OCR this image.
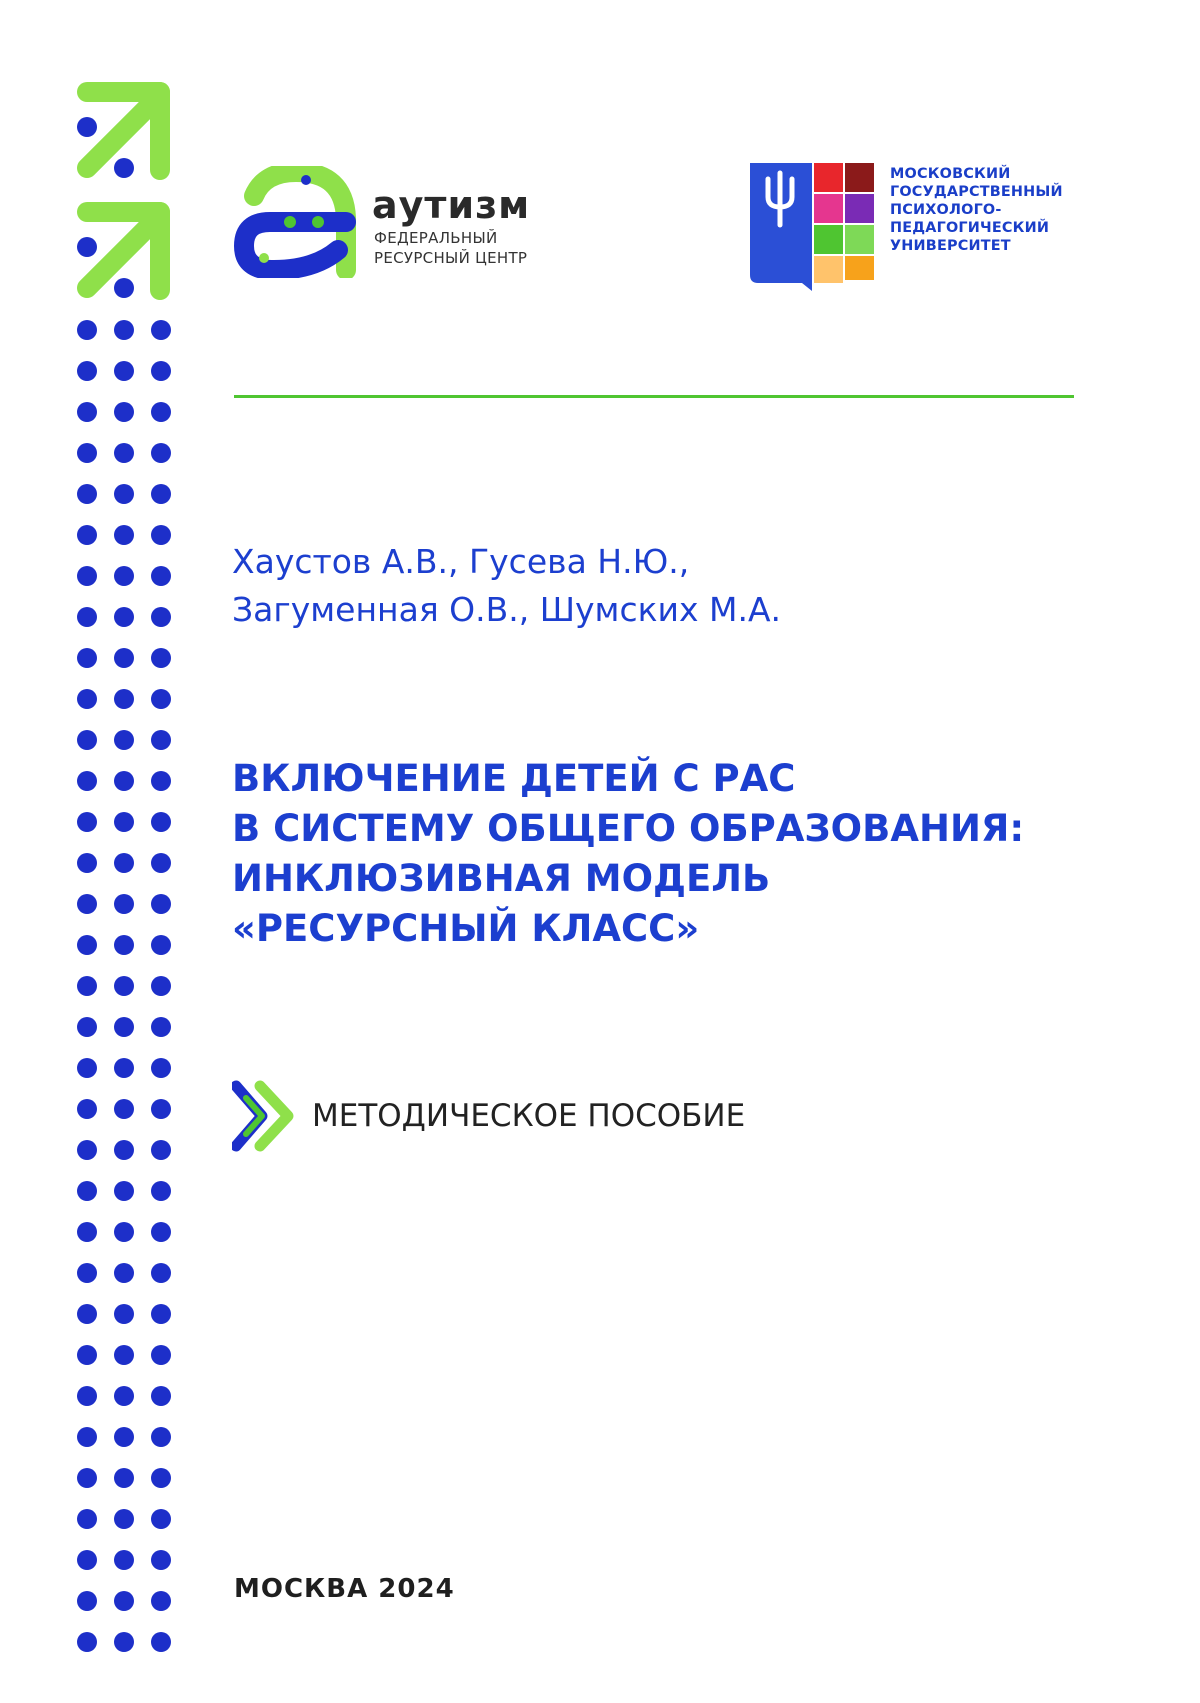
аутизм
ФЕДЕРАЛЬНЫЙ
РЕСУРСНЫЙ ЦЕНТР
МОСКОВСКИЙ
ГОСУДАРСТВЕННЫЙ
ПСИХОЛОГО-
ПЕДАГОГИЧЕСКИЙ
УНИВЕРСИТЕТ
Хаустов А.В., Гусева Н.Ю.,
Загуменная О.В., Шумских М.А.
ВКЛЮЧЕНИЕ ДЕТЕЙ С РАС
В СИСТЕМУ ОБЩЕГО ОБРАЗОВАНИЯ:
ИНКЛЮЗИВНАЯ МОДЕЛЬ
«РЕСУРСНЫЙ КЛАСС»
МЕТОДИЧЕСКОЕ ПОСОБИЕ
МОСКВА 2024
